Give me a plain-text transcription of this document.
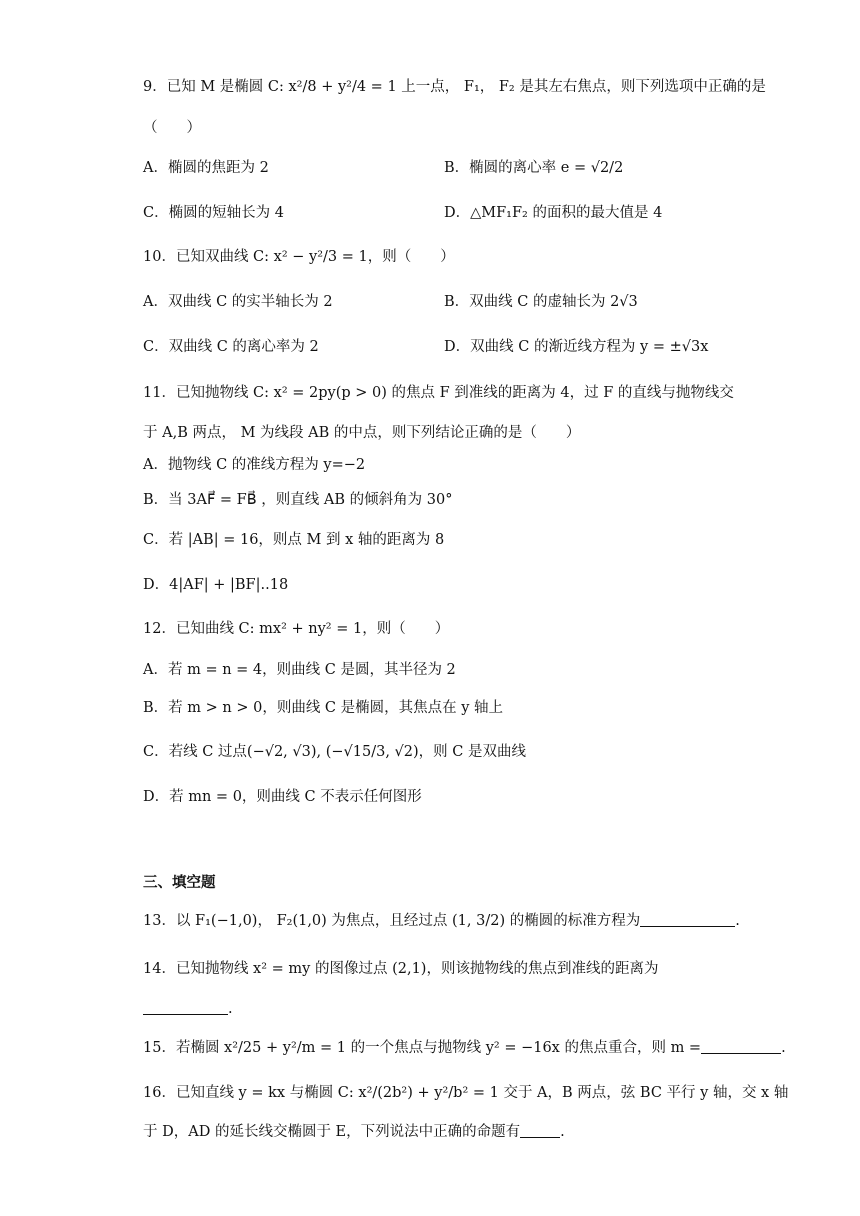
9．已知 M 是椭圆 C: x²/8 + y²/4 = 1 上一点， F₁， F₂ 是其左右焦点，则下列选项中正确的是
（　　）
A．椭圆的焦距为 2	B．椭圆的离心率 e = √2/2
C．椭圆的短轴长为 4	D．△MF₁F₂ 的面积的最大值是 4
10．已知双曲线 C: x² − y²/3 = 1，则（　　）
A．双曲线 C 的实半轴长为 2	B．双曲线 C 的虚轴长为 2√3
C．双曲线 C 的离心率为 2	D．双曲线 C 的渐近线方程为 y = ±√3x
11．已知抛物线 C: x² = 2py(p > 0) 的焦点 F 到准线的距离为 4，过 F 的直线与抛物线交
于 A,B 两点， M 为线段 AB 的中点，则下列结论正确的是（　　）
A．抛物线 C 的准线方程为 y=−2
B．当 3AF⃗ = FB⃗ ，则直线 AB 的倾斜角为 30°
C．若 |AB| = 16，则点 M 到 x 轴的距离为 8
D．4|AF| + |BF|..18
12．已知曲线 C: mx² + ny² = 1，则（　　）
A．若 m = n = 4，则曲线 C 是圆，其半径为 2
B．若 m > n > 0，则曲线 C 是椭圆，其焦点在 y 轴上
C．若线 C 过点(−√2, √3), (−√15/3, √2)，则 C 是双曲线
D．若 mn = 0，则曲线 C 不表示任何图形
三、填空题
13．以 F₁(−1,0)， F₂(1,0) 为焦点，且经过点 (1, 3/2) 的椭圆的标准方程为	.
14．已知抛物线 x² = my 的图像过点 (2,1)，则该抛物线的焦点到准线的距离为
.
15．若椭圆 x²/25 + y²/m = 1 的一个焦点与抛物线 y² = −16x 的焦点重合，则 m =	.
16．已知直线 y = kx 与椭圆 C: x²/(2b²) + y²/b² = 1 交于 A，B 两点，弦 BC 平行 y 轴，交 x 轴
于 D，AD 的延长线交椭圆于 E，下列说法中正确的命题有	.
